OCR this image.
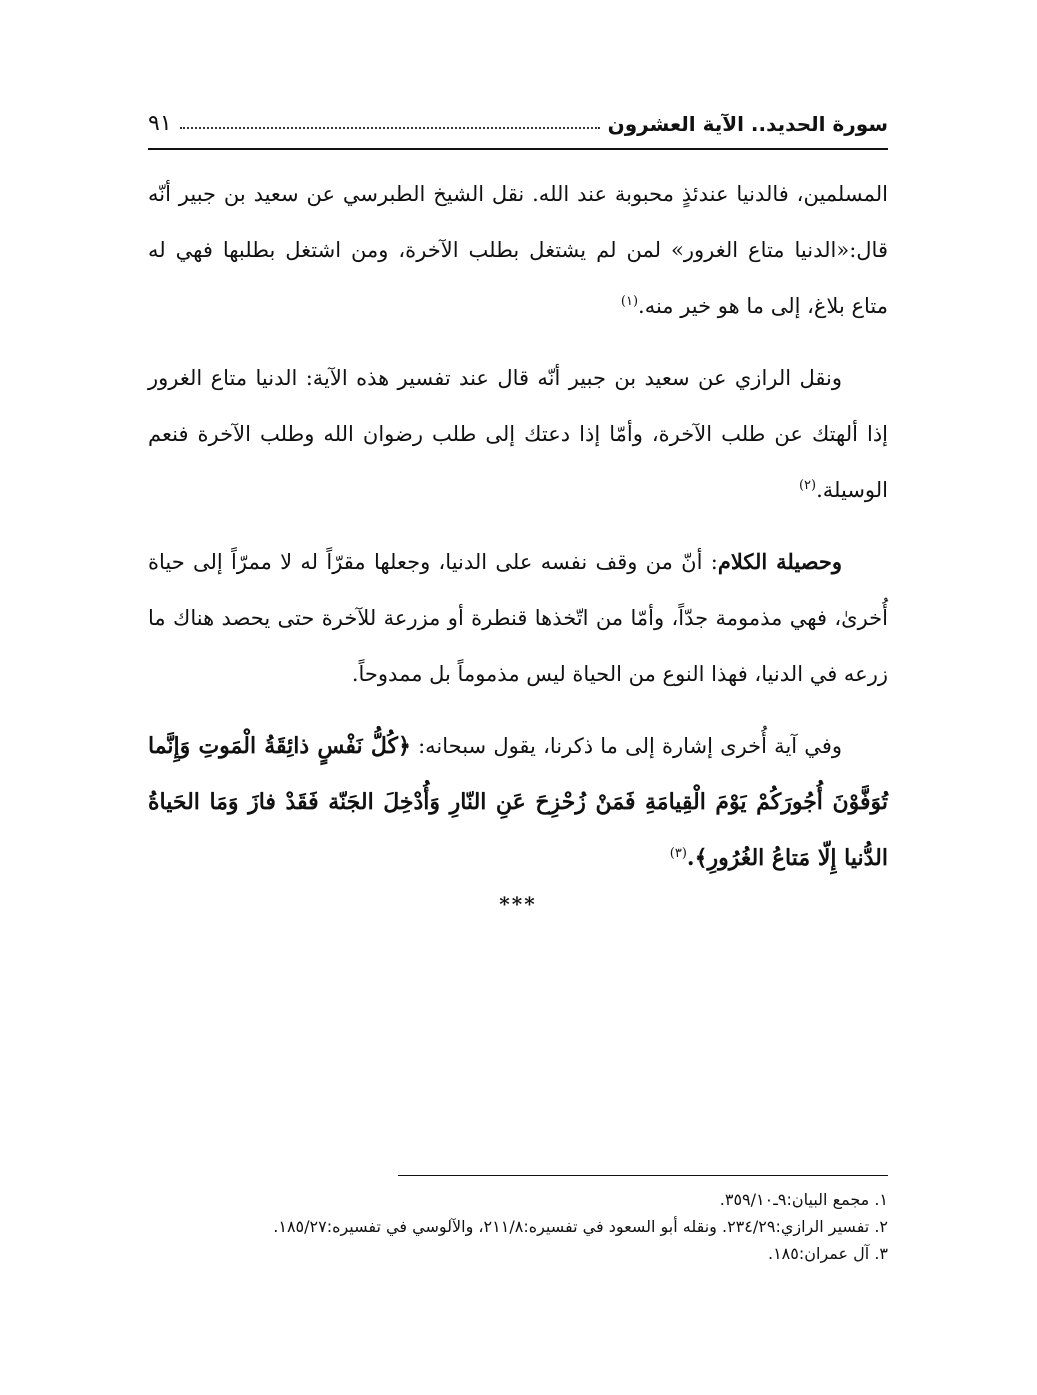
سورة الحديد.. الآية العشرون
٩١

المسلمين، فالدنيا عندئذٍ محبوبة عند الله. نقل الشيخ الطبرسي عن سعيد بن جبير أنّه قال:«الدنيا متاع الغرور» لمن لم يشتغل بطلب الآخرة، ومن اشتغل بطلبها فهي له متاع بلاغ، إلى ما هو خير منه.$^{(١)}$

ونقل الرازي عن سعيد بن جبير أنّه قال عند تفسير هذه الآية: الدنيا متاع الغرور إذا ألهتك عن طلب الآخرة، وأمّا إذا دعتك إلى طلب رضوان الله وطلب الآخرة فنعم الوسيلة.$^{(٢)}$

وحصيلة الكلام: أنّ من وقف نفسه على الدنيا، وجعلها مقرّاً له لا ممرّاً إلى حياة أُخرىٰ، فهي مذمومة جدّاً، وأمّا من اتّخذها قنطرة أو مزرعة للآخرة حتى يحصد هناك ما زرعه في الدنيا، فهذا النوع من الحياة ليس مذموماً بل ممدوحاً.

وفي آية أُخرى إشارة إلى ما ذكرنا، يقول سبحانه: ﴿كُلُّ نَفْسٍ ذائِقَةُ الْمَوتِ وَإِنَّما تُوَفَّوْنَ أُجُورَكُمْ يَوْمَ الْقِيامَةِ فَمَنْ زُحْزِحَ عَنِ النّارِ وَأُدْخِلَ الجَنّة فَقَدْ فازَ وَمَا الحَياةُ الدُّنيا إِلّا مَتاعُ الغُرُورِ﴾.$^{(٣)}$

***
١. مجمع البيان:٩ـ٣٥٩/١٠.
٢. تفسير الرازي:٢٣٤/٢٩. ونقله أبو السعود في تفسيره:٢١١/٨، والآلوسي في تفسيره:١٨٥/٢٧.
٣. آل عمران:١٨٥.
